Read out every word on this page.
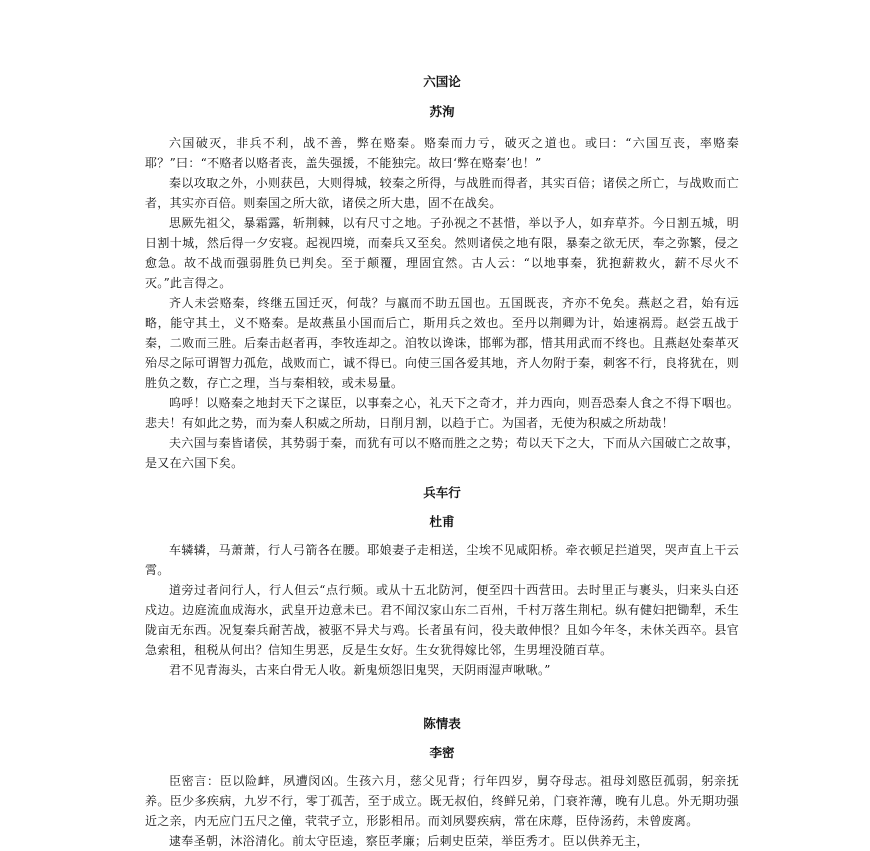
六国论
苏洵

六国破灭，非兵不利，战不善，弊在赂秦。赂秦而力亏，破灭之道也。或曰：“六国互丧，率赂秦耶？”曰：“不赂者以赂者丧，盖失强援，不能独完。故曰‘弊在赂秦’也！”

秦以攻取之外，小则获邑，大则得城，较秦之所得，与战胜而得者，其实百倍；诸侯之所亡，与战败而亡者，其实亦百倍。则秦国之所大欲，诸侯之所大患，固不在战矣。

思厥先祖父，暴霜露，斩荆棘，以有尺寸之地。子孙视之不甚惜，举以予人，如弃草芥。今日割五城，明日割十城，然后得一夕安寝。起视四境，而秦兵又至矣。然则诸侯之地有限，暴秦之欲无厌，奉之弥繁，侵之愈急。故不战而强弱胜负已判矣。至于颠覆，理固宜然。古人云：“以地事秦，犹抱薪救火，薪不尽火不灭。”此言得之。

齐人未尝赂秦，终继五国迁灭，何哉？与嬴而不助五国也。五国既丧，齐亦不免矣。燕赵之君，始有远略，能守其土，义不赂秦。是故燕虽小国而后亡，斯用兵之效也。至丹以荆卿为计，始速祸焉。赵尝五战于秦，二败而三胜。后秦击赵者再，李牧连却之。洎牧以谗诛，邯郸为郡，惜其用武而不终也。且燕赵处秦革灭殆尽之际可谓智力孤危，战败而亡，诚不得已。向使三国各爱其地，齐人勿附于秦，刺客不行，良将犹在，则胜负之数，存亡之理，当与秦相较，或未易量。

呜呼！以赂秦之地封天下之谋臣，以事秦之心，礼天下之奇才，并力西向，则吾恐秦人食之不得下咽也。悲夫！有如此之势，而为秦人积威之所劫，日削月割，以趋于亡。为国者，无使为积威之所劫哉！

夫六国与秦皆诸侯，其势弱于秦，而犹有可以不赂而胜之之势；苟以天下之大，下而从六国破亡之故事，是又在六国下矣。

兵车行
杜甫

车辚辚，马萧萧，行人弓箭各在腰。耶娘妻子走相送，尘埃不见咸阳桥。牵衣顿足拦道哭，哭声直上干云霄。

道旁过者问行人，行人但云“点行频。或从十五北防河，便至四十西营田。去时里正与裹头，归来头白还戍边。边庭流血成海水，武皇开边意未已。君不闻汉家山东二百州，千村万落生荆杞。纵有健妇把锄犁，禾生陇亩无东西。况复秦兵耐苦战，被驱不异犬与鸡。长者虽有问，役夫敢伸恨？且如今年冬，未休关西卒。县官急索租，租税从何出？信知生男恶，反是生女好。生女犹得嫁比邻，生男埋没随百草。

君不见青海头，古来白骨无人收。新鬼烦怨旧鬼哭，天阴雨湿声啾啾。”

陈情表
李密

臣密言：臣以险衅，夙遭闵凶。生孩六月，慈父见背；行年四岁，舅夺母志。祖母刘愍臣孤弱，躬亲抚养。臣少多疾病，九岁不行，零丁孤苦，至于成立。既无叔伯，终鲜兄弟，门衰祚薄，晚有儿息。外无期功强近之亲，内无应门五尺之僮，茕茕孑立，形影相吊。而刘夙婴疾病，常在床蓐，臣侍汤药，未曾废离。

逮奉圣朝，沐浴清化。前太守臣逵，察臣孝廉；后刺史臣荣，举臣秀才。臣以供养无主，
